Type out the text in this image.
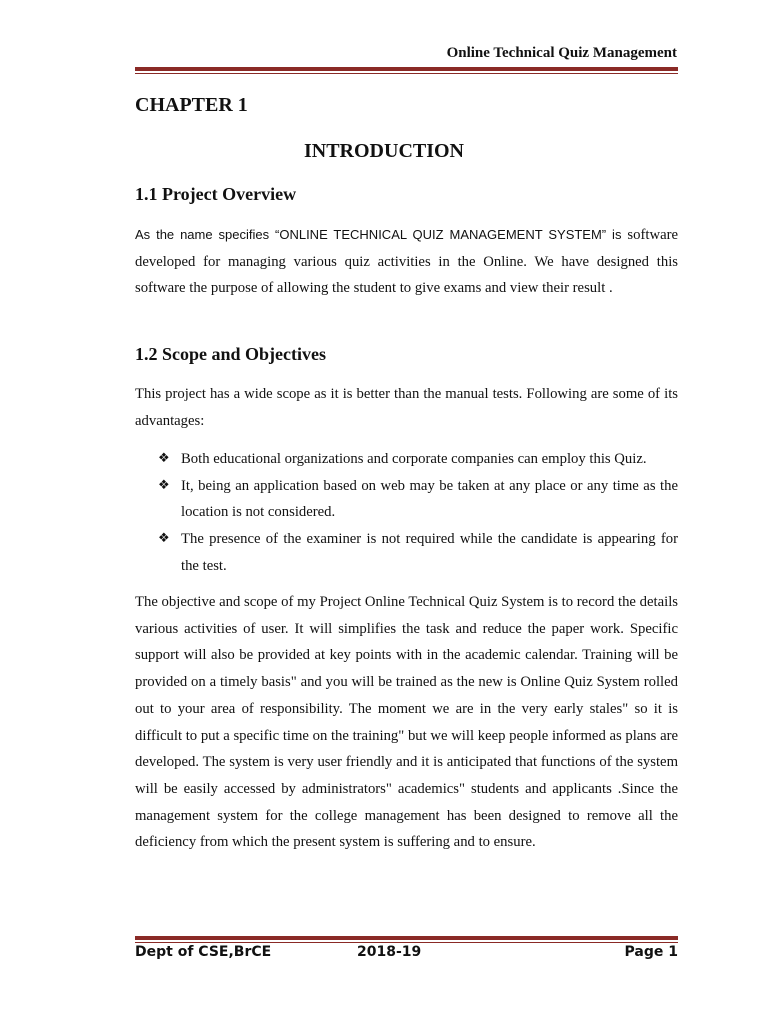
Online Technical Quiz Management
CHAPTER 1
INTRODUCTION
1.1 Project Overview
As the name specifies “ONLINE TECHNICAL QUIZ MANAGEMENT SYSTEM” is software developed for managing various quiz activities in the Online. We have designed this software the purpose of allowing the student to give exams and view their result .
1.2 Scope and Objectives
This project has a wide scope as it is better than the manual tests. Following are some of its advantages:
❖ Both educational organizations and corporate companies can employ this Quiz.
❖ It, being an application based on web may be taken at any place or any time as the location is not considered.
❖ The presence of the examiner is not required while the candidate is appearing for the test.
The objective and scope of my Project Online Technical Quiz System is to record the details various activities of user. It will simplifies the task and reduce the paper work. Specific support will also be provided at key points with in the academic calendar. Training will be provided on a timely basis" and you will be trained as the new is Online Quiz System rolled out to your area of responsibility. The moment we are in the very early stales" so it is difficult to put a specific time on the training" but we will keep people informed as plans are developed. The system is very user friendly and it is anticipated that functions of the system will be easily accessed by administrators" academics" students and applicants .Since the management system for the college management has been designed to remove all the deficiency from which the present system is suffering and to ensure.
Dept of CSE,BrCE	2018-19	Page 1
